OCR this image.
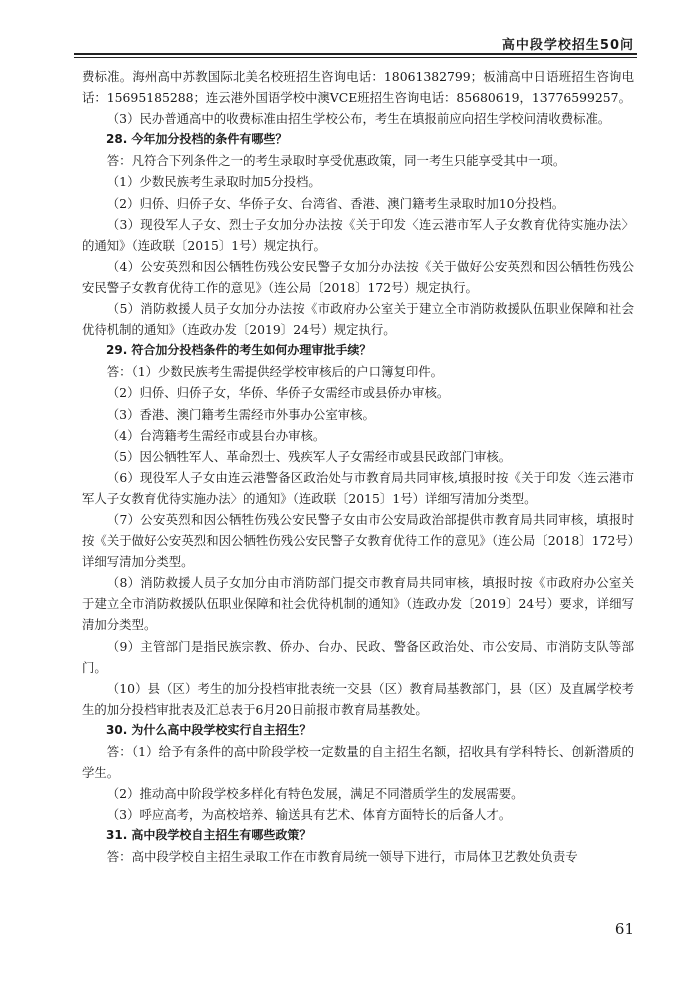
高中段学校招生50问

费标准。海州高中苏教国际北美名校班招生咨询电话：18061382799；板浦高中日语班招生咨询电话：15695185288；连云港外国语学校中澳VCE班招生咨询电话：85680619，13776599257。

（3）民办普通高中的收费标准由招生学校公布，考生在填报前应向招生学校问清收费标准。

28. 今年加分投档的条件有哪些？

答：凡符合下列条件之一的考生录取时享受优惠政策，同一考生只能享受其中一项。

（1）少数民族考生录取时加5分投档。

（2）归侨、归侨子女、华侨子女、台湾省、香港、澳门籍考生录取时加10分投档。

（3）现役军人子女、烈士子女加分办法按《关于印发〈连云港市军人子女教育优待实施办法〉的通知》（连政联〔2015〕1号）规定执行。

（4）公安英烈和因公牺牲伤残公安民警子女加分办法按《关于做好公安英烈和因公牺牲伤残公安民警子女教育优待工作的意见》（连公局〔2018〕172号）规定执行。

（5）消防救援人员子女加分办法按《市政府办公室关于建立全市消防救援队伍职业保障和社会优待机制的通知》（连政办发〔2019〕24号）规定执行。

29. 符合加分投档条件的考生如何办理审批手续？

答：（1）少数民族考生需提供经学校审核后的户口簿复印件。

（2）归侨、归侨子女，华侨、华侨子女需经市或县侨办审核。

（3）香港、澳门籍考生需经市外事办公室审核。

（4）台湾籍考生需经市或县台办审核。

（5）因公牺牲军人、革命烈士、残疾军人子女需经市或县民政部门审核。

（6）现役军人子女由连云港警备区政治处与市教育局共同审核,填报时按《关于印发〈连云港市军人子女教育优待实施办法〉的通知》（连政联〔2015〕1号）详细写清加分类型。

（7）公安英烈和因公牺牲伤残公安民警子女由市公安局政治部提供市教育局共同审核，填报时按《关于做好公安英烈和因公牺牲伤残公安民警子女教育优待工作的意见》（连公局〔2018〕172号）详细写清加分类型。

（8）消防救援人员子女加分由市消防部门提交市教育局共同审核，填报时按《市政府办公室关于建立全市消防救援队伍职业保障和社会优待机制的通知》（连政办发〔2019〕24号）要求，详细写清加分类型。

（9）主管部门是指民族宗教、侨办、台办、民政、警备区政治处、市公安局、市消防支队等部门。

（10）县（区）考生的加分投档审批表统一交县（区）教育局基教部门，县（区）及直属学校考生的加分投档审批表及汇总表于6月20日前报市教育局基教处。

30. 为什么高中段学校实行自主招生？

答：（1）给予有条件的高中阶段学校一定数量的自主招生名额，招收具有学科特长、创新潜质的学生。

（2）推动高中阶段学校多样化有特色发展，满足不同潜质学生的发展需要。

（3）呼应高考，为高校培养、输送具有艺术、体育方面特长的后备人才。

31. 高中段学校自主招生有哪些政策？

答：高中段学校自主招生录取工作在市教育局统一领导下进行，市局体卫艺教处负责专

61
